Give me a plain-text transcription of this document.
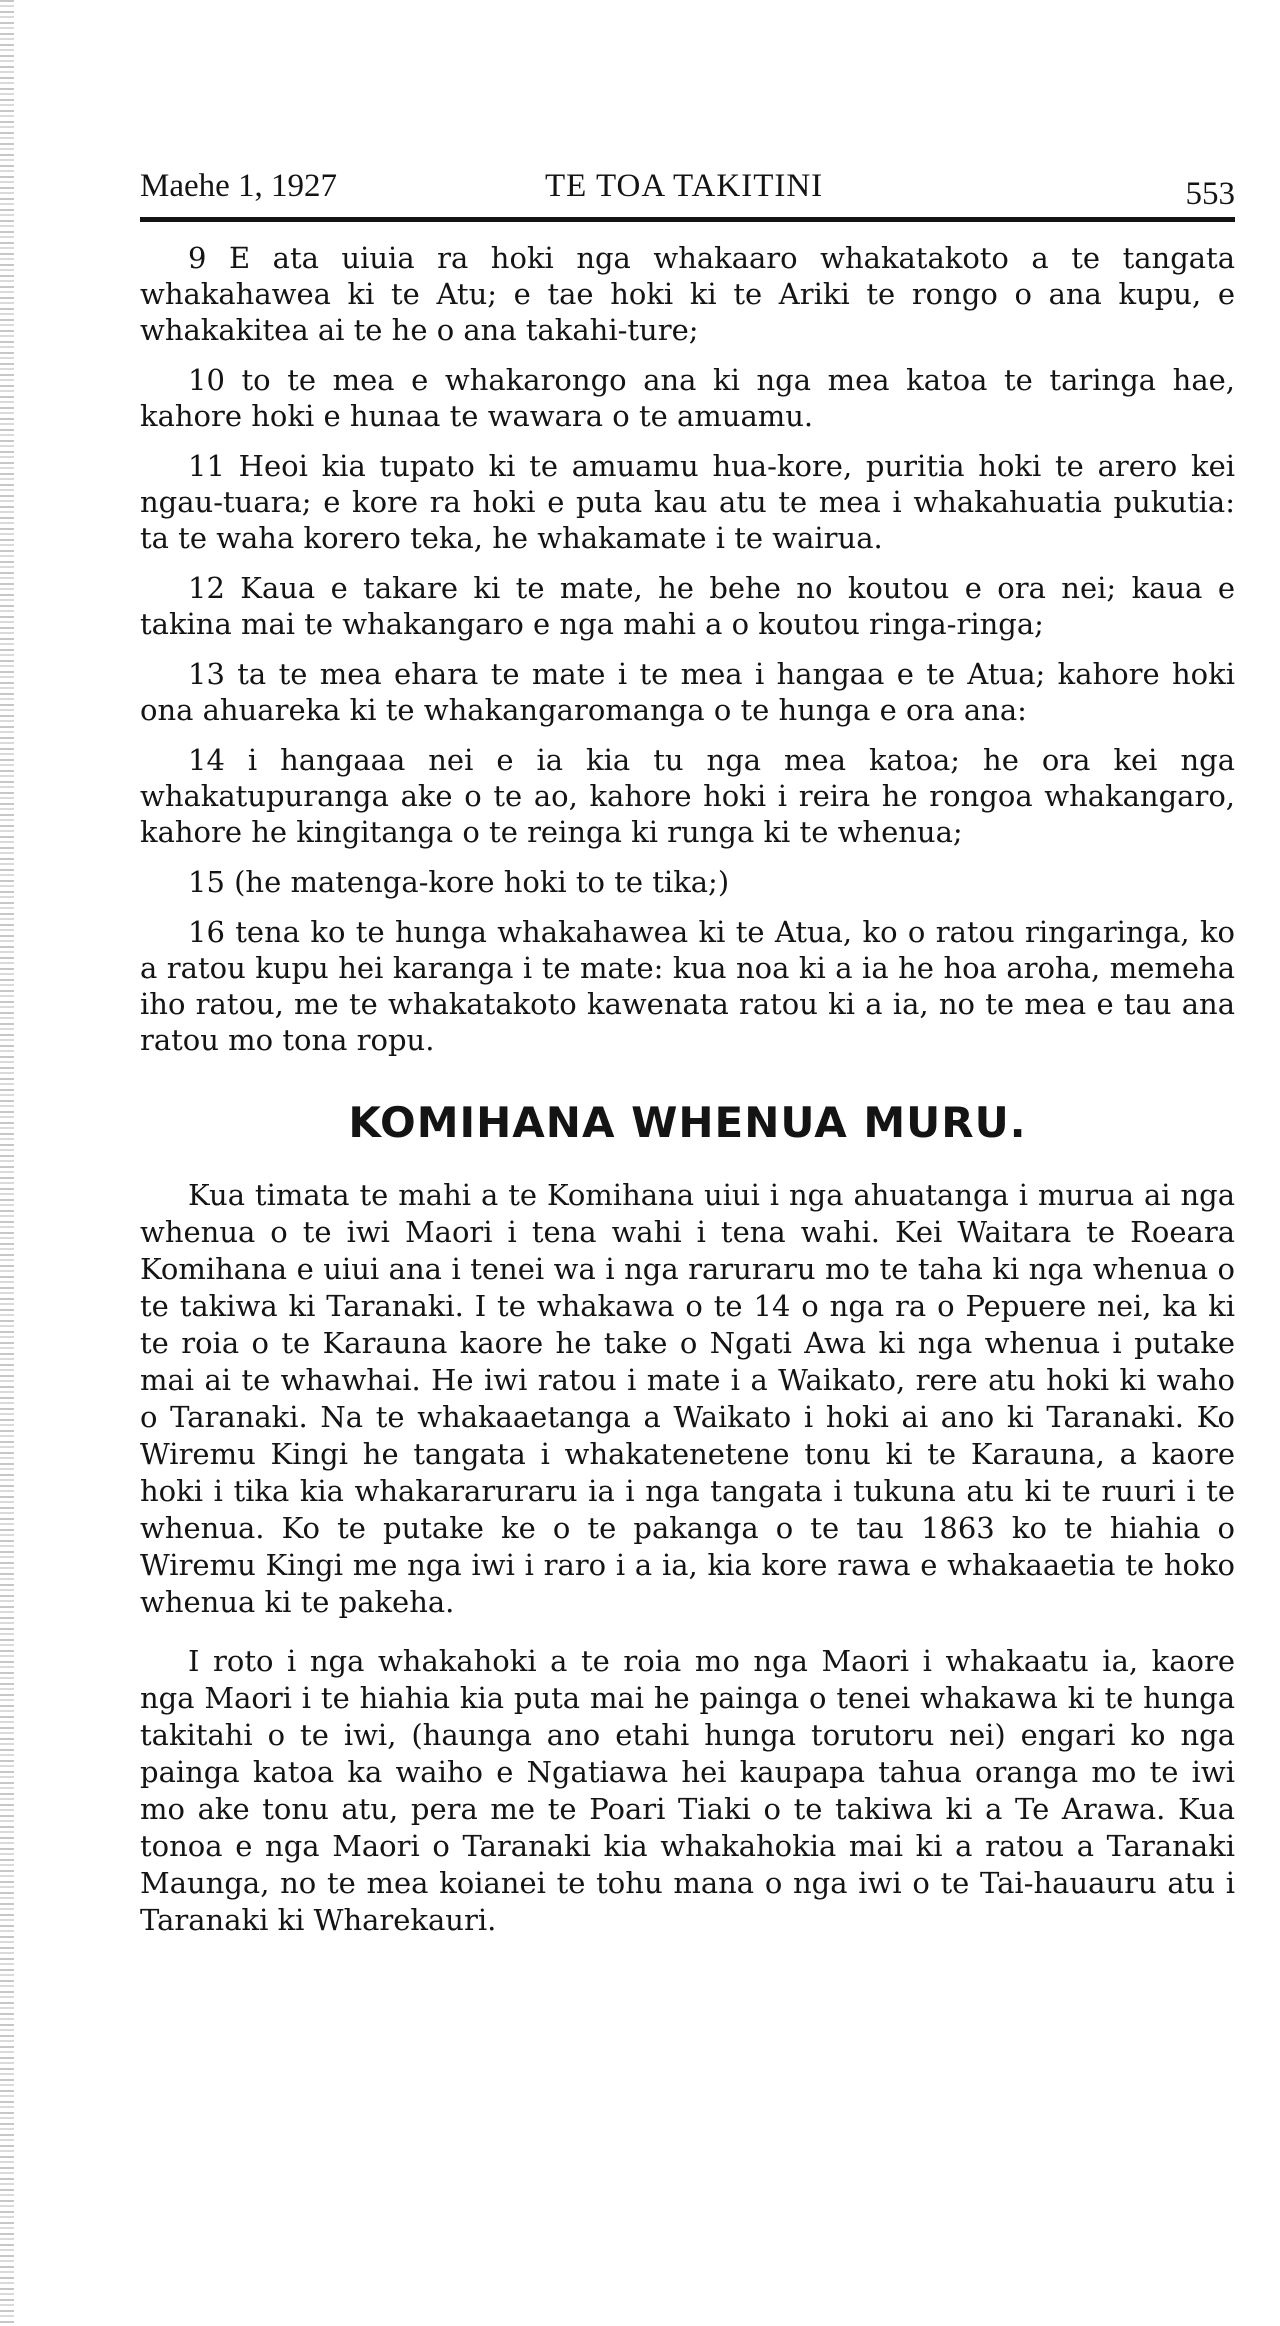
Maehe 1, 1927	TE TOA TAKITINI	553

9 E ata uiuia ra hoki nga whakaaro whakatakoto a te tangata whakahawea ki te Atu; e tae hoki ki te Ariki te rongo o ana kupu, e whakakitea ai te he o ana takahi-ture;

10 to te mea e whakarongo ana ki nga mea katoa te taringa hae, kahore hoki e hunaa te wawara o te amuamu.

11 Heoi kia tupato ki te amuamu hua-kore, puritia hoki te arero kei ngau-tuara; e kore ra hoki e puta kau atu te mea i whakahuatia pukutia: ta te waha korero teka, he whakamate i te wairua.

12 Kaua e takare ki te mate, he behe no koutou e ora nei; kaua e takina mai te whakangaro e nga mahi a o koutou ringa-ringa;

13 ta te mea ehara te mate i te mea i hangaa e te Atua; kahore hoki ona ahuareka ki te whakangaromanga o te hunga e ora ana:

14 i hangaaa nei e ia kia tu nga mea katoa; he ora kei nga whakatupuranga ake o te ao, kahore hoki i reira he rongoa whakangaro, kahore he kingitanga o te reinga ki runga ki te whenua;

15 (he matenga-kore hoki to te tika;)

16 tena ko te hunga whakahawea ki te Atua, ko o ratou ringaringa, ko a ratou kupu hei karanga i te mate: kua noa ki a ia he hoa aroha, memeha iho ratou, me te whakatakoto kawenata ratou ki a ia, no te mea e tau ana ratou mo tona ropu.

KOMIHANA WHENUA MURU.

Kua timata te mahi a te Komihana uiui i nga ahuatanga i murua ai nga whenua o te iwi Maori i tena wahi i tena wahi. Kei Waitara te Roeara Komihana e uiui ana i tenei wa i nga raruraru mo te taha ki nga whenua o te takiwa ki Taranaki. I te whakawa o te 14 o nga ra o Pepuere nei, ka ki te roia o te Karauna kaore he take o Ngati Awa ki nga whenua i putake mai ai te whawhai. He iwi ratou i mate i a Waikato, rere atu hoki ki waho o Taranaki. Na te whakaaetanga a Waikato i hoki ai ano ki Taranaki. Ko Wiremu Kingi he tangata i whakatenetene tonu ki te Karauna, a kaore hoki i tika kia whakararuraru ia i nga tangata i tukuna atu ki te ruuri i te whenua. Ko te putake ke o te pakanga o te tau 1863 ko te hiahia o Wiremu Kingi me nga iwi i raro i a ia, kia kore rawa e whakaaetia te hoko whenua ki te pakeha.

I roto i nga whakahoki a te roia mo nga Maori i whakaatu ia, kaore nga Maori i te hiahia kia puta mai he painga o tenei whakawa ki te hunga takitahi o te iwi, (haunga ano etahi hunga torutoru nei) engari ko nga painga katoa ka waiho e Ngatiawa hei kaupapa tahua oranga mo te iwi mo ake tonu atu, pera me te Poari Tiaki o te takiwa ki a Te Arawa. Kua tonoa e nga Maori o Taranaki kia whakahokia mai ki a ratou a Taranaki Maunga, no te mea koianei te tohu mana o nga iwi o te Tai-hauauru atu i Taranaki ki Wharekauri.
